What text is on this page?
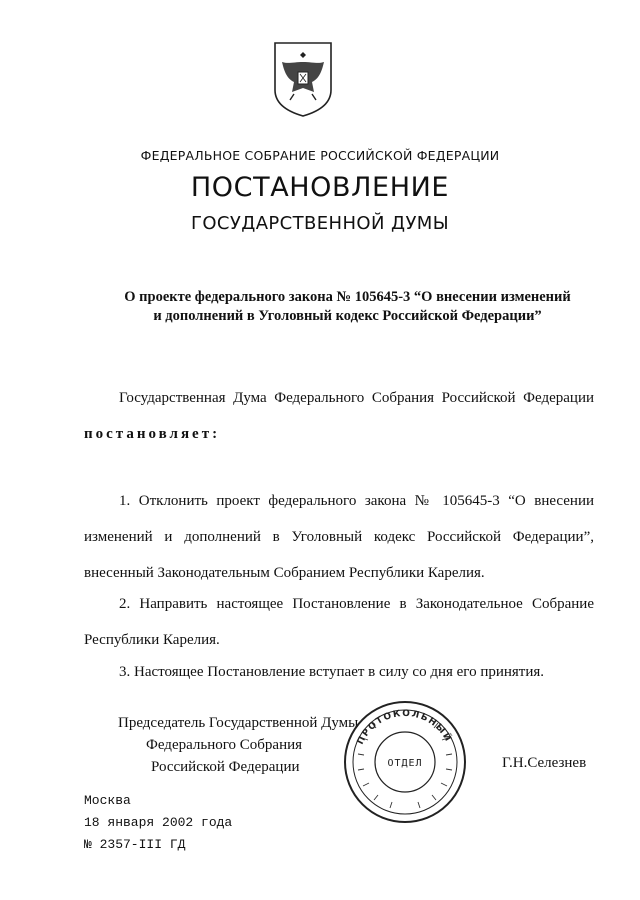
ФЕДЕРАЛЬНОЕ СОБРАНИЕ РОССИЙСКОЙ ФЕДЕРАЦИИ
ПОСТАНОВЛЕНИЕ
ГОСУДАРСТВЕННОЙ ДУМЫ
О проекте федерального закона № 105645-3 “О внесении изменений
и дополнений в Уголовный кодекс Российской Федерации”
Государственная Дума Федерального Собрания Российской Федерации постановляет:
1. Отклонить проект федерального закона № 105645-3 “О внесении изменений и дополнений в Уголовный кодекс Российской Федерации”, внесенный Законодательным Собранием Республики Карелия.
2. Направить настоящее Постановление в Законодательное Собрание Республики Карелия.
3. Настоящее Постановление вступает в силу со дня его принятия.
Председатель Государственной Думы
Федерального Собрания
Российской Федерации
ПРОТОКОЛЬНЫЙ
ОТДЕЛ	Г.Н.Селезнев
Москва
18 января 2002 года
№ 2357-III ГД
